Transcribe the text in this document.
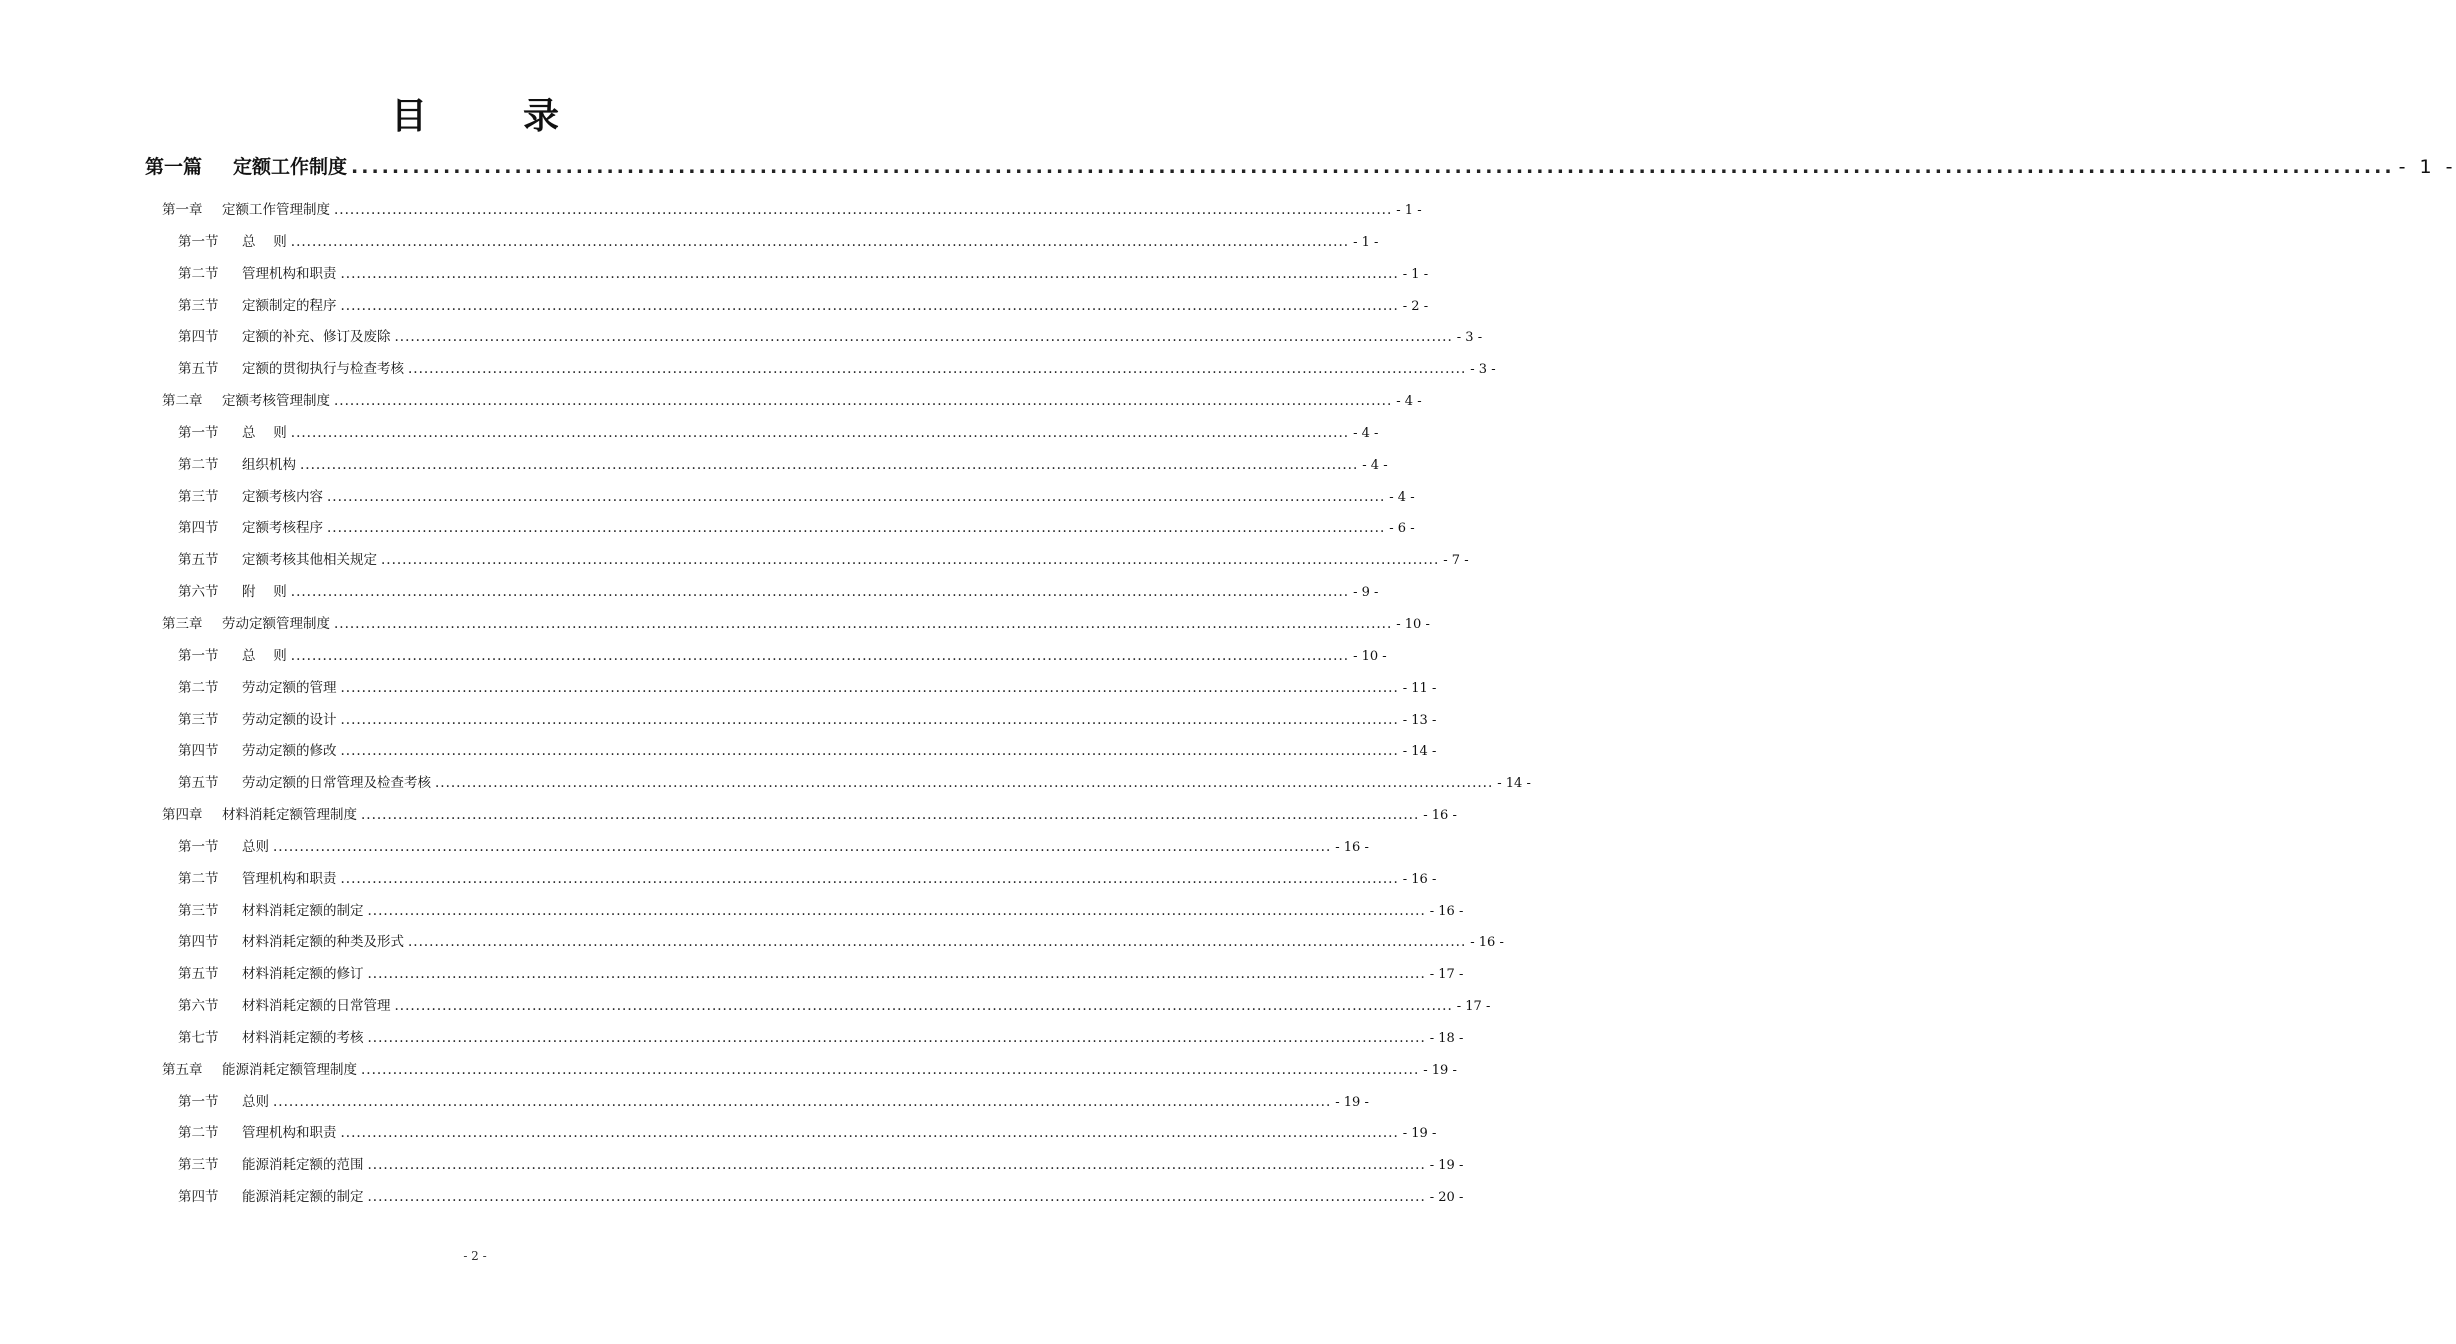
目　录
第一篇 定额工作制度 ........................................................................................................................................................................................................ - 1 -
第一章 定额工作管理制度 ........................................................................................................................................................................................................ - 1 -
第一节 总　 则 ........................................................................................................................................................................................................ - 1 -
第二节 管理机构和职责 ........................................................................................................................................................................................................ - 1 -
第三节 定额制定的程序 ........................................................................................................................................................................................................ - 2 -
第四节 定额的补充、修订及废除 ........................................................................................................................................................................................................ - 3 -
第五节 定额的贯彻执行与检查考核 ........................................................................................................................................................................................................ - 3 -
第二章 定额考核管理制度 ........................................................................................................................................................................................................ - 4 -
第一节 总　 则 ........................................................................................................................................................................................................ - 4 -
第二节 组织机构 ........................................................................................................................................................................................................ - 4 -
第三节 定额考核内容 ........................................................................................................................................................................................................ - 4 -
第四节 定额考核程序 ........................................................................................................................................................................................................ - 6 -
第五节 定额考核其他相关规定 ........................................................................................................................................................................................................ - 7 -
第六节 附　 则 ........................................................................................................................................................................................................ - 9 -
第三章 劳动定额管理制度 ........................................................................................................................................................................................................ - 10 -
第一节 总　 则 ........................................................................................................................................................................................................ - 10 -
第二节 劳动定额的管理 ........................................................................................................................................................................................................ - 11 -
第三节 劳动定额的设计 ........................................................................................................................................................................................................ - 13 -
第四节 劳动定额的修改 ........................................................................................................................................................................................................ - 14 -
第五节 劳动定额的日常管理及检查考核 ........................................................................................................................................................................................................ - 14 -
第四章 材料消耗定额管理制度 ........................................................................................................................................................................................................ - 16 -
第一节 总则 ........................................................................................................................................................................................................ - 16 -
第二节 管理机构和职责 ........................................................................................................................................................................................................ - 16 -
第三节 材料消耗定额的制定 ........................................................................................................................................................................................................ - 16 -
第四节 材料消耗定额的种类及形式 ........................................................................................................................................................................................................ - 16 -
第五节 材料消耗定额的修订 ........................................................................................................................................................................................................ - 17 -
第六节 材料消耗定额的日常管理 ........................................................................................................................................................................................................ - 17 -
第七节 材料消耗定额的考核 ........................................................................................................................................................................................................ - 18 -
第五章 能源消耗定额管理制度 ........................................................................................................................................................................................................ - 19 -
第一节 总则 ........................................................................................................................................................................................................ - 19 -
第二节 管理机构和职责 ........................................................................................................................................................................................................ - 19 -
第三节 能源消耗定额的范围 ........................................................................................................................................................................................................ - 19 -
第四节 能源消耗定额的制定 ........................................................................................................................................................................................................ - 20 -
- 2 -
